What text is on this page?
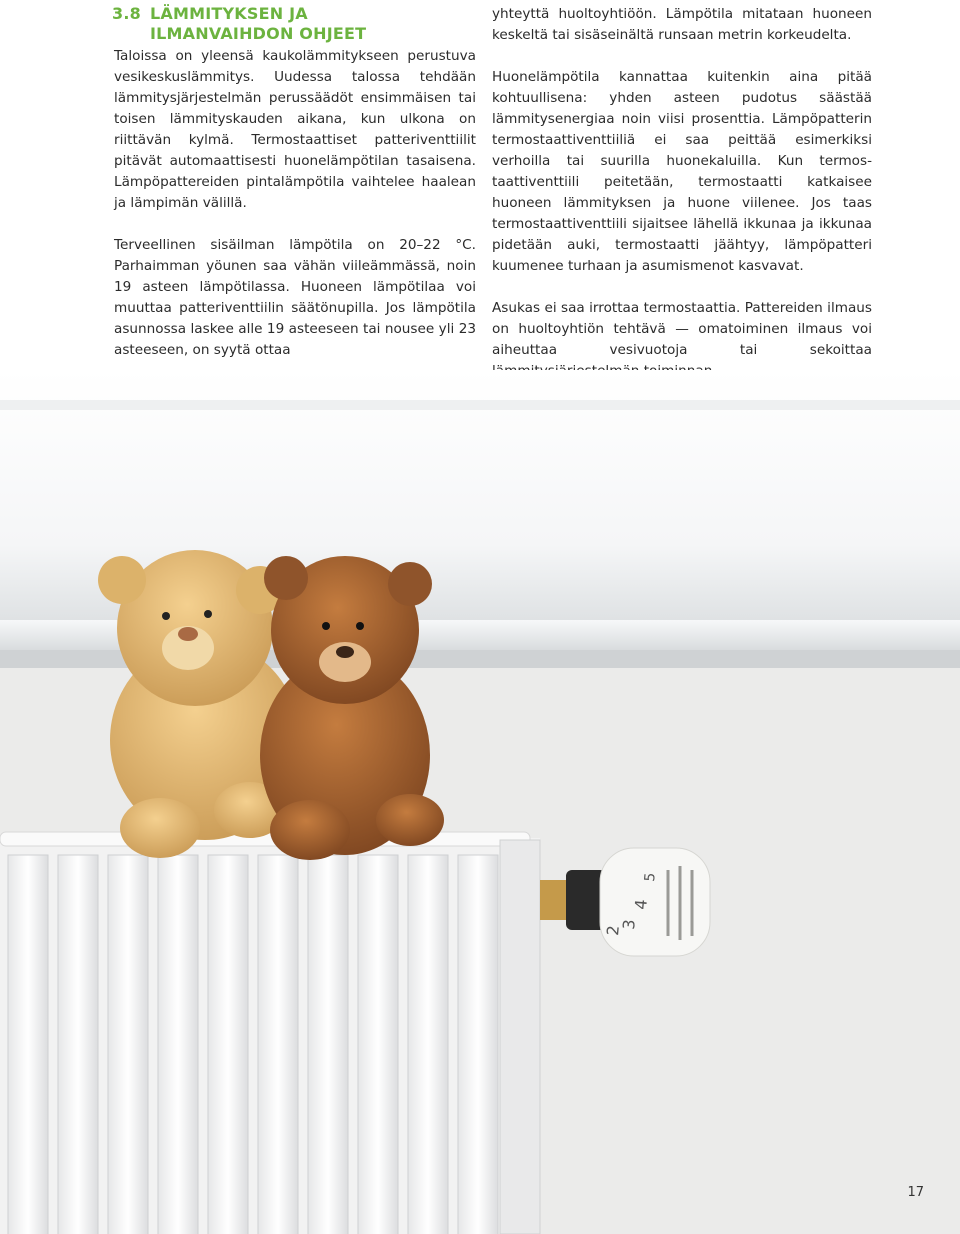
3.8 LÄMMITYKSEN JA
ILMANVAIHDON OHJEET

Taloissa on yleensä kaukolämmitykseen perustuva vesikeskuslämmitys. Uudessa talossa tehdään lämmitysjärjestelmän perussäädöt ensimmäisen tai toisen lämmityskauden aikana, kun ulkona on riittävän kylmä. Termostaattiset patteriventtiilit pitävät automaattisesti huonelämpötilan tasaisena. Lämpöpattereiden pintalämpötila vaihtelee haalean ja lämpimän välillä.

Terveellinen sisäilman lämpötila on 20–22 °C. Parhaimman yöunen saa vähän viileämmässä, noin 19 asteen lämpötilassa. Huoneen lämpötilaa voi muuttaa patteriventtiilin säätönupilla. Jos lämpötila asunnossa laskee alle 19 asteeseen tai nousee yli 23 asteeseen, on syytä ottaa

yhteyttä huoltoyhtiöön. Lämpötila mitataan huoneen keskeltä tai sisäseinältä runsaan metrin korkeudelta.

Huonelämpötila kannattaa kuitenkin aina pitää kohtuullisena: yhden asteen pudotus säästää lämmitysenergiaa noin viisi prosenttia. Lämpöpatterin termostaattiventtiiliä ei saa peittää esimerkiksi verhoilla tai suurilla huonekaluilla. Kun termostaattiventtiili peitetään, termostaatti katkaisee huoneen lämmityksen ja huone viilenee. Jos taas termostaattiventtiili sijaitsee lähellä ikkunaa ja ikkunaa pidetään auki, termostaatti jäähtyy, lämpöpatteri kuumenee turhaan ja asumismenot kasvavat.

Asukas ei saa irrottaa termostaattia. Pattereiden ilmaus on huoltoyhtiön tehtävä — omatoiminen ilmaus voi aiheuttaa vesivuotoja tai sekoittaa

2
3
4
5
17
